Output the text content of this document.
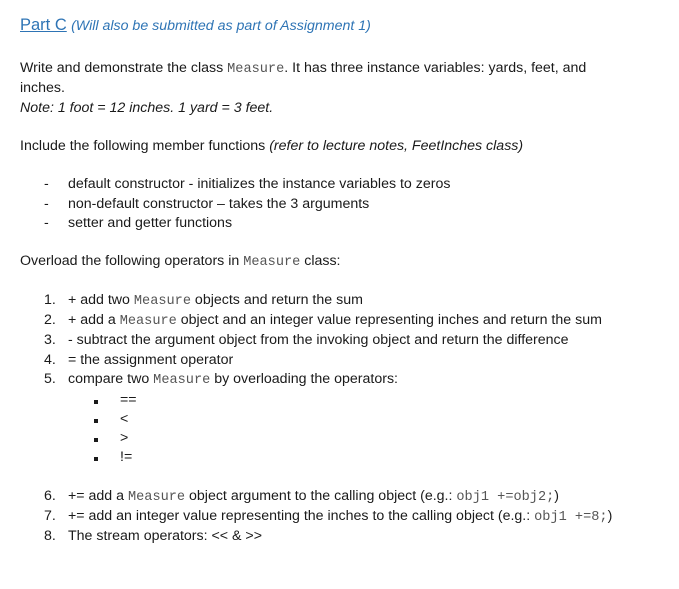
Part C (Will also be submitted as part of Assignment 1)
Write and demonstrate the class Measure. It has three instance variables: yards, feet, and
inches.
Note: 1 foot = 12 inches. 1 yard = 3 feet.
Include the following member functions (refer to lecture notes, FeetInches class)
- default constructor - initializes the instance variables to zeros
- non-default constructor – takes the 3 arguments
- setter and getter functions
Overload the following operators in Measure class:
1. + add two Measure objects and return the sum
2. + add a Measure object and an integer value representing inches and return the sum
3. - subtract the argument object from the invoking object and return the difference
4. = the assignment operator
5. compare two Measure by overloading the operators:
==
<
>
!=
6. += add a Measure object argument to the calling object (e.g.: obj1 +=obj2;)
7. += add an integer value representing the inches to the calling object (e.g.: obj1 +=8;)
8. The stream operators: << & >>
